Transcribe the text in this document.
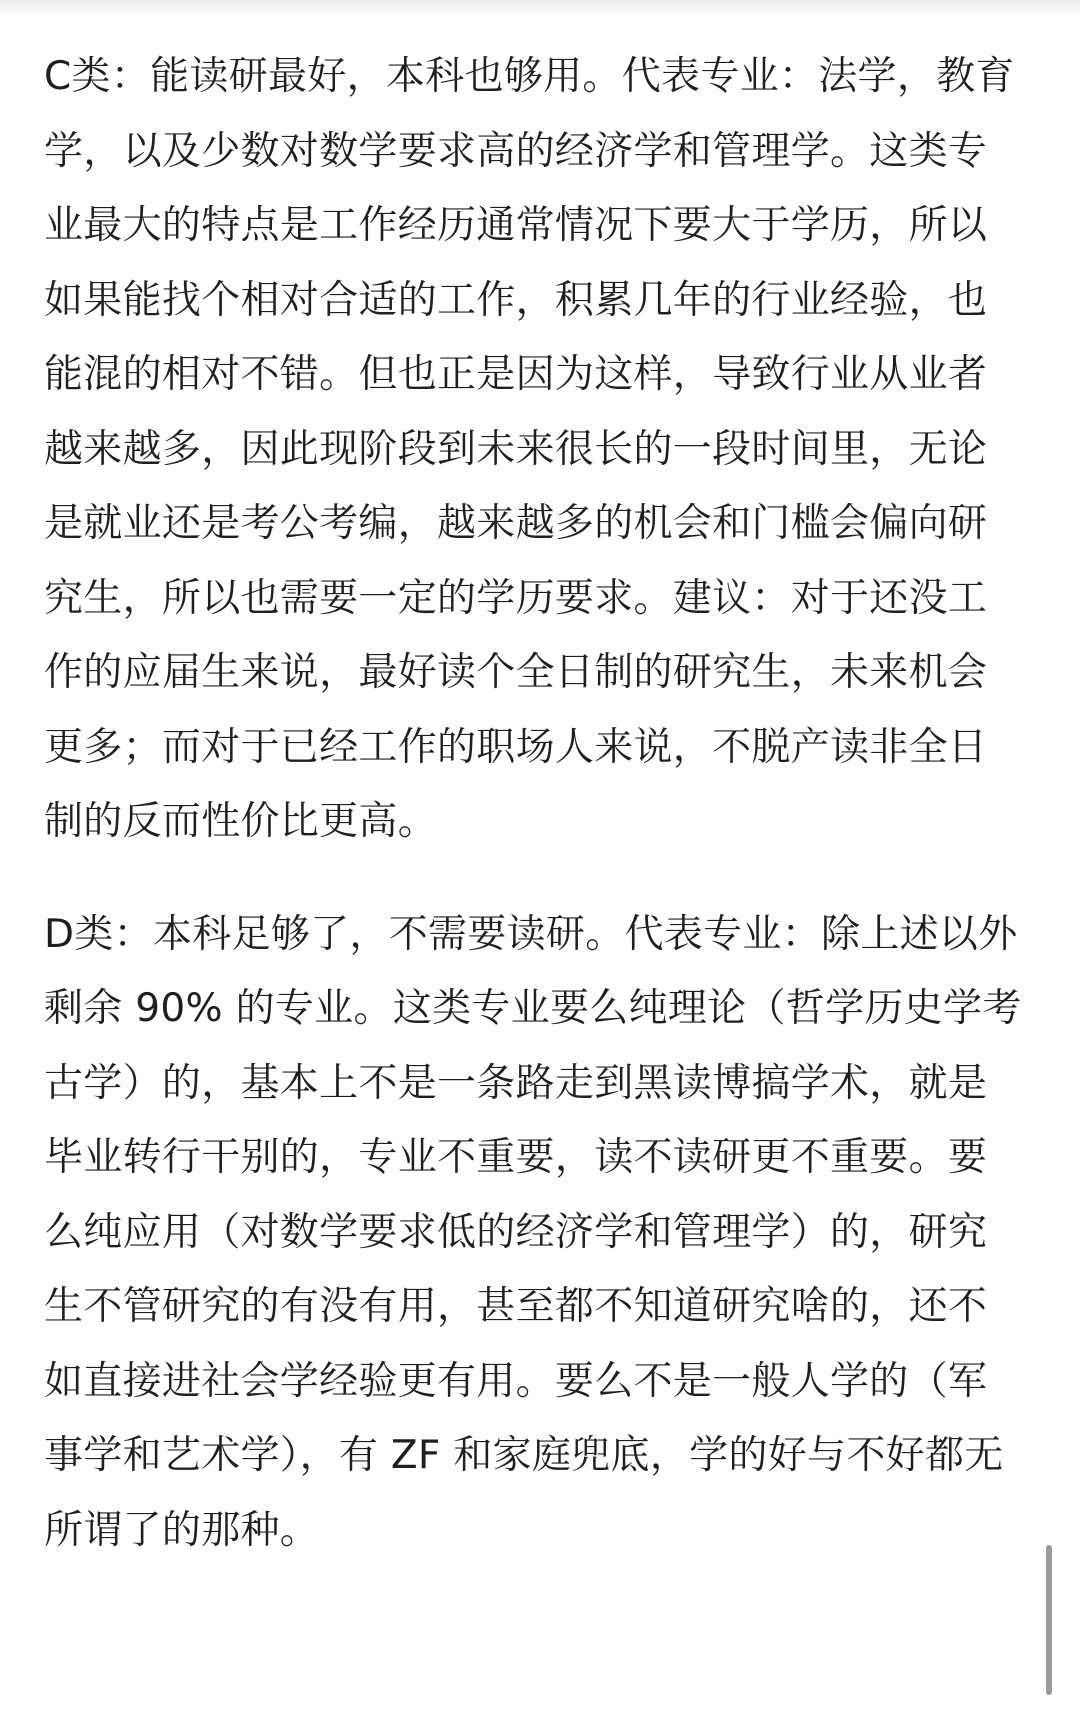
C类：能读研最好，本科也够用。代表专业：法学，教育学，以及少数对数学要求高的经济学和管理学。这类专业最大的特点是工作经历通常情况下要大于学历，所以如果能找个相对合适的工作，积累几年的行业经验，也能混的相对不错。但也正是因为这样，导致行业从业者越来越多，因此现阶段到未来很长的一段时间里，无论是就业还是考公考编，越来越多的机会和门槛会偏向研究生，所以也需要一定的学历要求。建议：对于还没工作的应届生来说，最好读个全日制的研究生，未来机会更多；而对于已经工作的职场人来说，不脱产读非全日制的反而性价比更高。

D类：本科足够了，不需要读研。代表专业：除上述以外剩余 90% 的专业。这类专业要么纯理论（哲学历史学考古学）的，基本上不是一条路走到黑读博搞学术，就是毕业转行干别的，专业不重要，读不读研更不重要。要么纯应用（对数学要求低的经济学和管理学）的，研究生不管研究的有没有用，甚至都不知道研究啥的，还不如直接进社会学经验更有用。要么不是一般人学的（军事学和艺术学），有 ZF 和家庭兜底，学的好与不好都无所谓了的那种。
